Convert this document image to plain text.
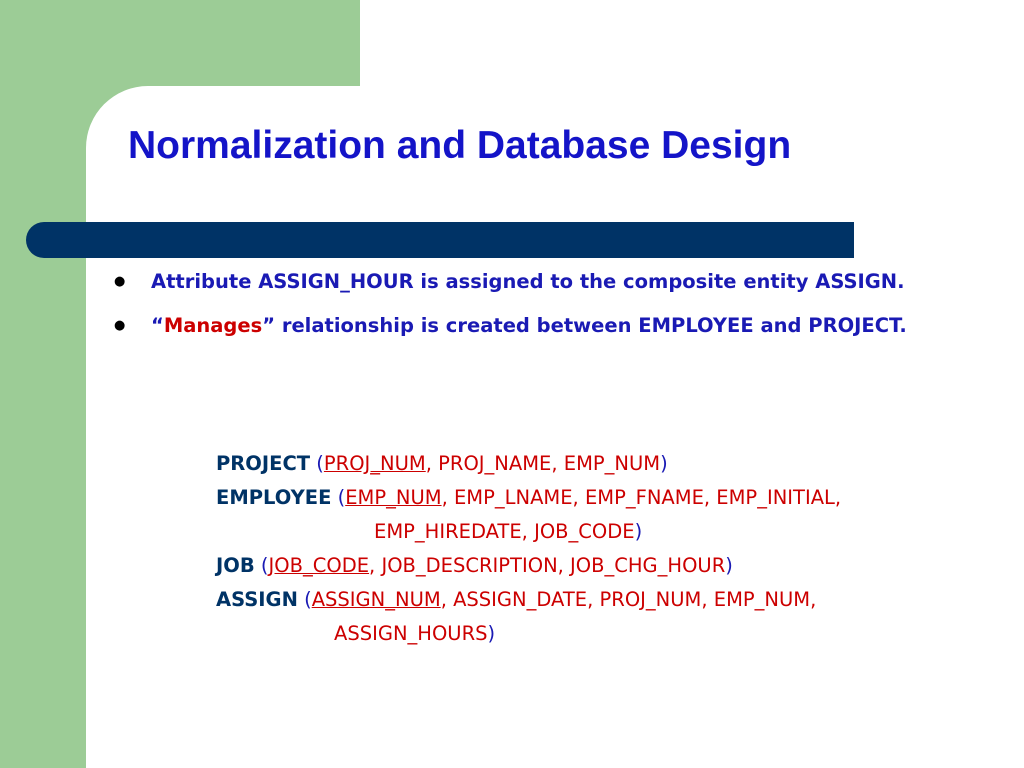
Normalization and Database Design
● Attribute ASSIGN_HOUR is assigned to the composite entity ASSIGN.
● “Manages” relationship is created between EMPLOYEE and PROJECT.
PROJECT (PROJ_NUM, PROJ_NAME, EMP_NUM)
EMPLOYEE (EMP_NUM, EMP_LNAME, EMP_FNAME, EMP_INITIAL,
EMP_HIREDATE, JOB_CODE)
JOB (JOB_CODE, JOB_DESCRIPTION, JOB_CHG_HOUR)
ASSIGN (ASSIGN_NUM, ASSIGN_DATE, PROJ_NUM, EMP_NUM,
ASSIGN_HOURS)
